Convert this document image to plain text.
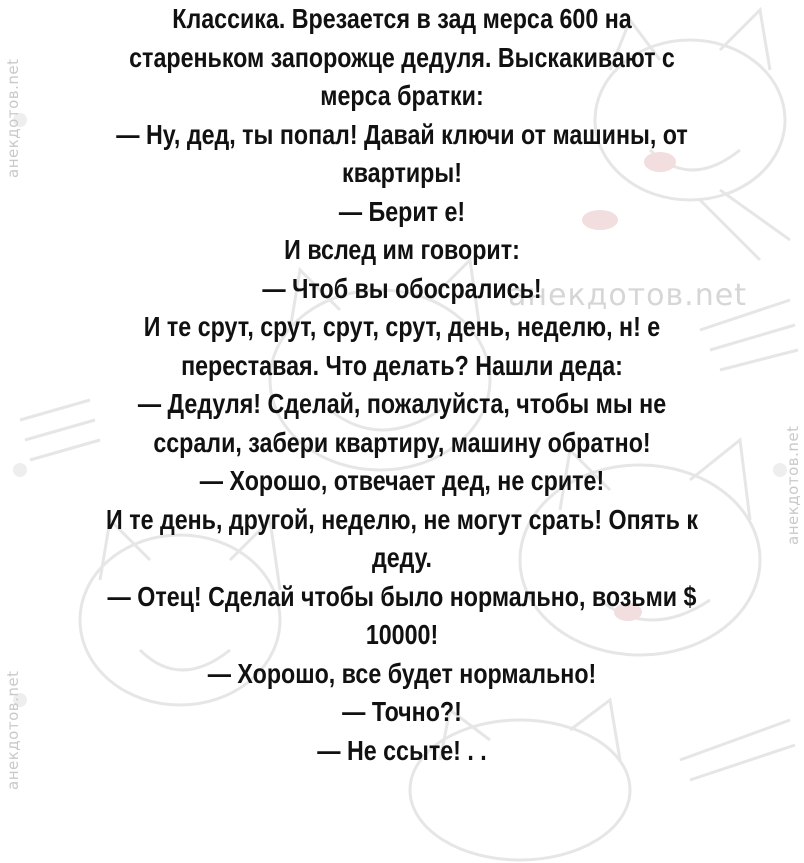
анекдотов.net
анекдотов.net
анекдотов.net
анекдотов.net
Классика. Врезается в зад мерса 600 на
стареньком запорожце дедуля. Выскакивают с
мерса братки:
— Ну, дед, ты попал! Давай ключи от машины, от
квартиры!
— Берит е!
И вслед им говорит:
— Чтоб вы обосрались!
И те срут, срут, срут, срут, день, неделю, н! е
переставая. Что делать? Нашли деда:
— Дедуля! Сделай, пожалуйста, чтобы мы не
ссрали, забери квартиру, машину обратно!
— Хорошо, отвечает дед, не срите!
И те день, другой, неделю, не могут срать! Опять к
деду.
— Отец! Сделай чтобы было нормально, возьми $
10000!
— Хорошо, все будет нормально!
— Точно?!
— Не ссыте! . .
